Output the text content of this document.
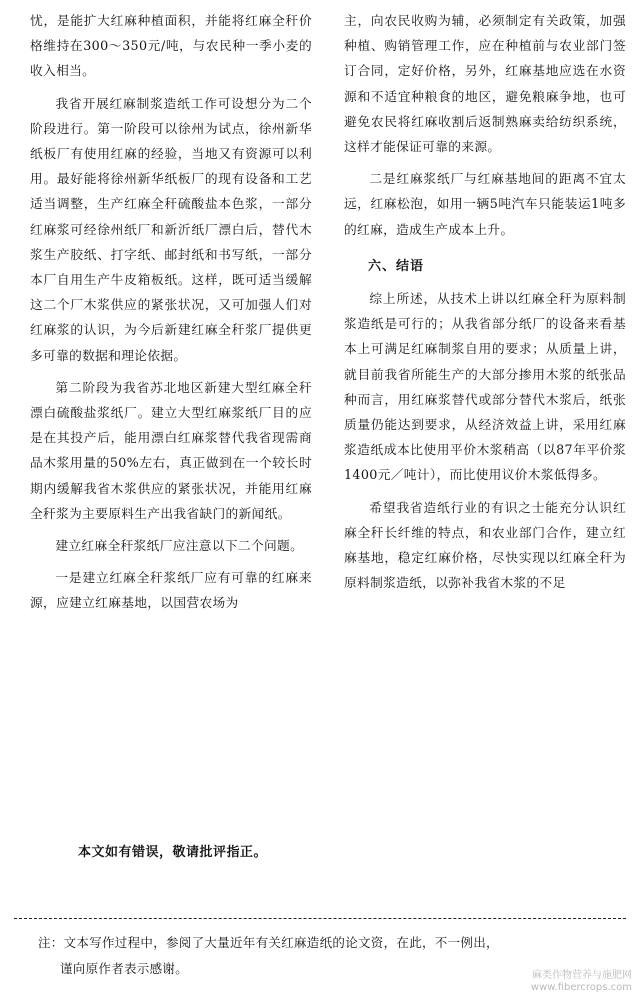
忧，是能扩大红麻种植面积，并能将红麻全秆价格维持在300～350元/吨，与农民种一季小麦的收入相当。

我省开展红麻制浆造纸工作可设想分为二个阶段进行。第一阶段可以徐州为试点，徐州新华纸板厂有使用红麻的经验，当地又有资源可以利用。最好能将徐州新华纸板厂的现有设备和工艺适当调整，生产红麻全秆硫酸盐本色浆，一部分红麻浆可经徐州纸厂和新沂纸厂漂白后，替代木浆生产胶纸、打字纸、邮封纸和书写纸，一部分本厂自用生产牛皮箱板纸。这样，既可适当缓解这二个厂木浆供应的紧张状况，又可加强人们对红麻浆的认识，为今后新建红麻全秆浆厂提供更多可靠的数据和理论依据。

第二阶段为我省苏北地区新建大型红麻全秆漂白硫酸盐浆纸厂。建立大型红麻浆纸厂目的应是在其投产后，能用漂白红麻浆替代我省现需商品木浆用量的50%左右，真正做到在一个较长时期内缓解我省木浆供应的紧张状况，并能用红麻全秆浆为主要原料生产出我省缺门的新闻纸。

建立红麻全秆浆纸厂应注意以下二个问题。

一是建立红麻全秆浆纸厂应有可靠的红麻来源，应建立红麻基地，以国营农场为

主，向农民收购为辅，必须制定有关政策，加强种植、购销管理工作，应在种植前与农业部门签订合同，定好价格，另外，红麻基地应选在水资源和不适宜种粮食的地区，避免粮麻争地，也可避免农民将红麻收割后返制熟麻卖给纺织系统，这样才能保证可靠的来源。

二是红麻浆纸厂与红麻基地间的距离不宜太远，红麻松泡，如用一辆5吨汽车只能装运1吨多的红麻，造成生产成本上升。

六、结语

综上所述，从技术上讲以红麻全秆为原料制浆造纸是可行的；从我省部分纸厂的设备来看基本上可满足红麻制浆自用的要求；从质量上讲，就目前我省所能生产的大部分掺用木浆的纸张品种而言，用红麻浆替代或部分替代木浆后，纸张质量仍能达到要求，从经济效益上讲，采用红麻浆造纸成本比使用平价木浆稍高（以87年平价浆1400元／吨计），而比使用议价木浆低得多。

希望我省造纸行业的有识之士能充分认识红麻全秆长纤维的特点，和农业部门合作，建立红麻基地，稳定红麻价格，尽快实现以红麻全秆为原料制浆造纸，以弥补我省木浆的不足

本文如有错误，敬请批评指正。
注：文本写作过程中，参阅了大量近年有关红麻造纸的论文资，在此，不一例出，
谨向原作者表示感谢。	麻类作物营养与施肥网
www.fibercrops.com
